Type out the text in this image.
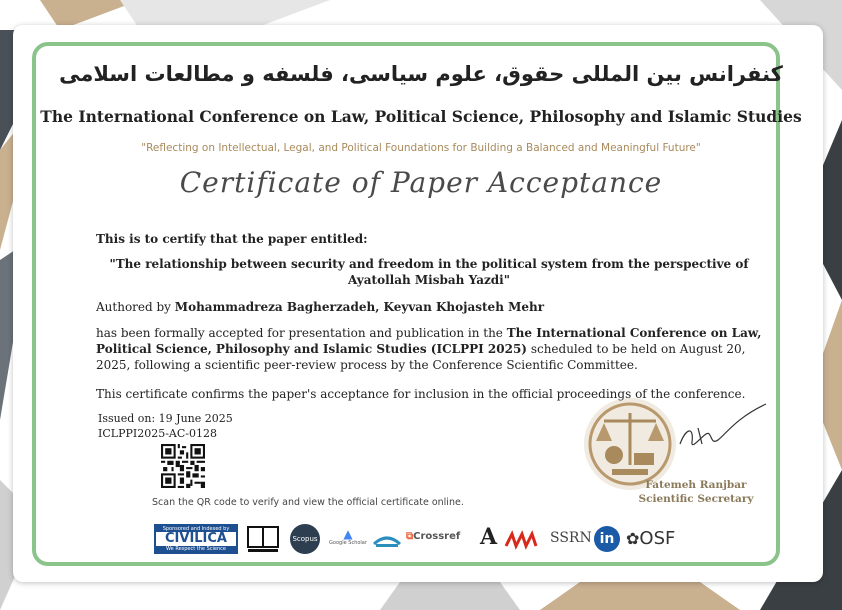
کنفرانس بین المللی حقوق، علوم سیاسی، فلسفه و مطالعات اسلامی
The International Conference on Law, Political Science, Philosophy and Islamic Studies
"Reflecting on Intellectual, Legal, and Political Foundations for Building a Balanced and Meaningful Future"
Certificate of Paper Acceptance
This is to certify that the paper entitled:
"The relationship between security and freedom in the political system from the perspective of
Ayatollah Misbah Yazdi"
Authored by Mohammadreza Bagherzadeh, Keyvan Khojasteh Mehr
has been formally accepted for presentation and publication in the The International Conference on Law, Political Science, Philosophy and Islamic Studies (ICLPPI 2025) scheduled to be held on August 20, 2025, following a scientific peer-review process by the Conference Scientific Committee.
This certificate confirms the paper's acceptance for inclusion in the official proceedings of the conference.
Issued on: 19 June 2025
ICLPPI2025-AC-0128
Scan the QR code to verify and view the official certificate online.
Fatemeh Ranjbar
Scientific Secretary
Sponsored and Indexed by
CIVILICA
We Respect the Science
Scopus	▲
Google Scholar
⧉Crossref A	SSRN in ✿OSF
